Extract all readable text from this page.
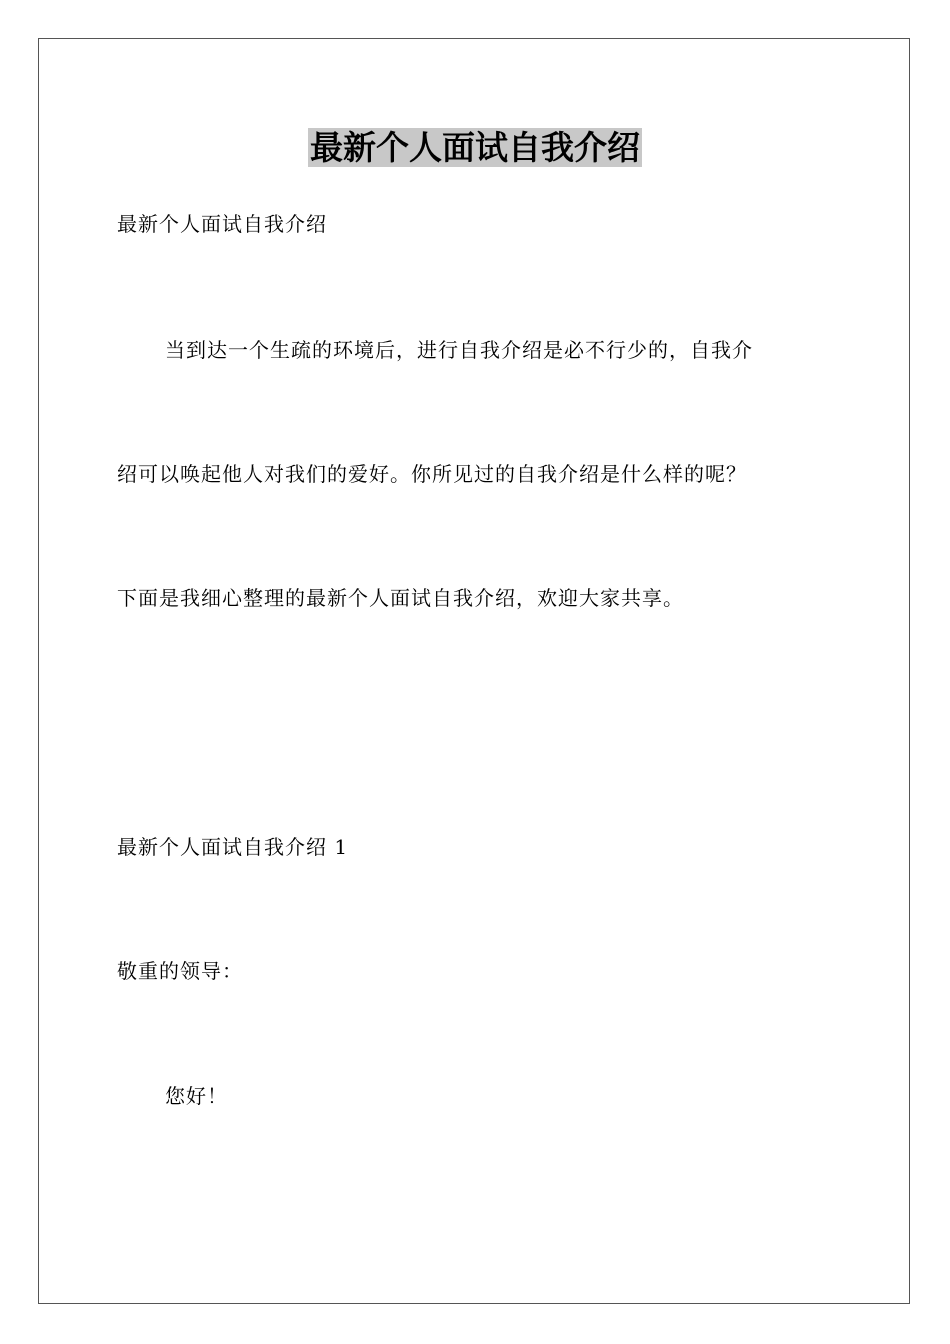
最新个人面试自我介绍
最新个人面试自我介绍
当到达一个生疏的环境后，进行自我介绍是必不行少的，自我介
绍可以唤起他人对我们的爱好。你所见过的自我介绍是什么样的呢？
下面是我细心整理的最新个人面试自我介绍，欢迎大家共享。
最新个人面试自我介绍 1
敬重的领导：
您好！
